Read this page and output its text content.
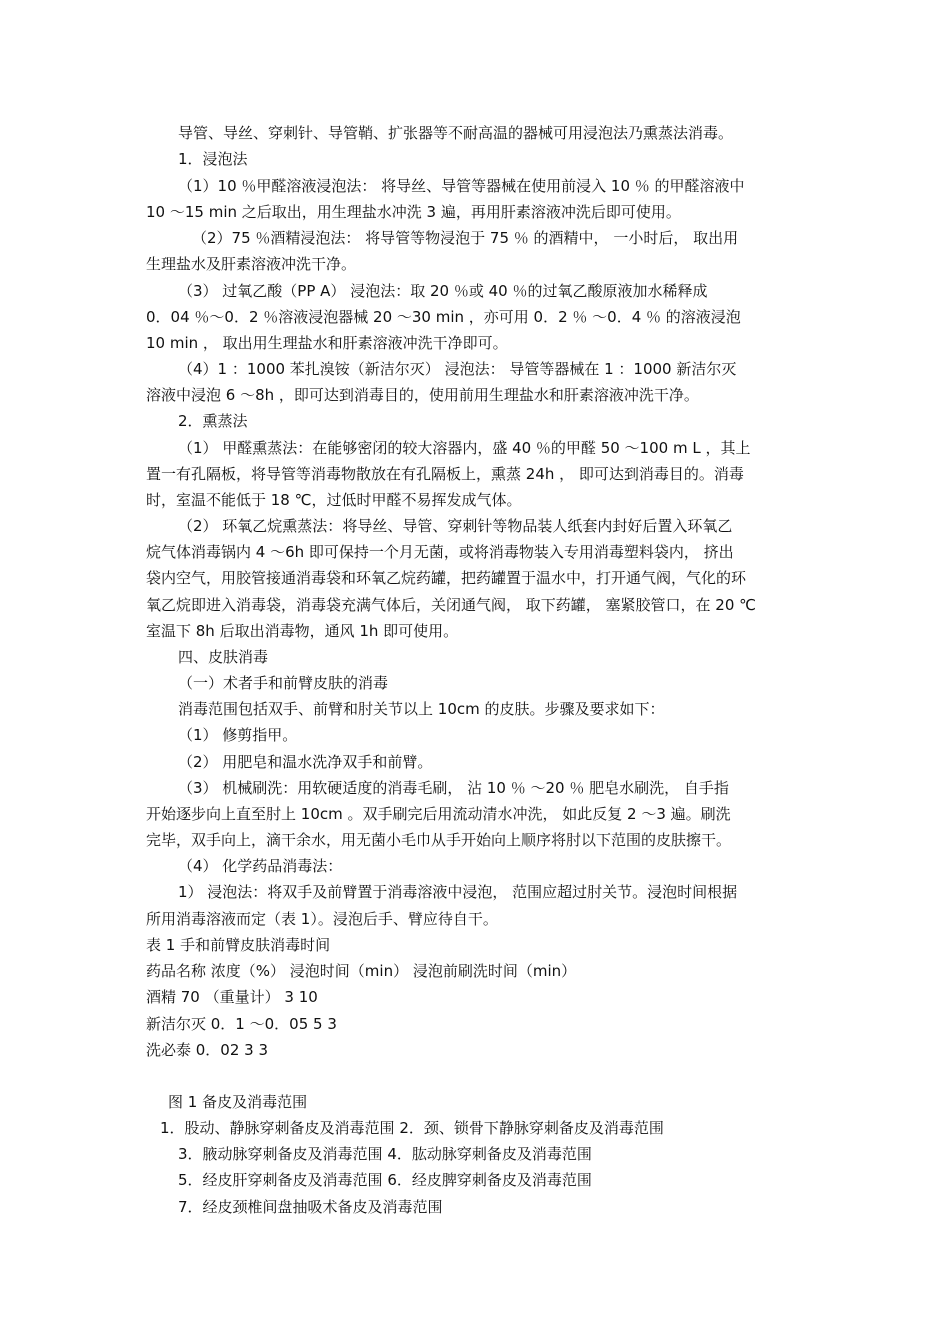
导管、导丝、穿刺针、导管鞘、扩张器等不耐高温的器械可用浸泡法乃熏蒸法消毒。
1．浸泡法
（1）10 ％甲醛溶液浸泡法： 将导丝、导管等器械在使用前浸入 10 ％ 的甲醛溶液中
10 ～15 min 之后取出，用生理盐水冲洗 3 遍，再用肝素溶液冲洗后即可使用。
（2）75 ％酒精浸泡法： 将导管等物浸泡于 75 ％ 的酒精中， 一小时后， 取出用
生理盐水及肝素溶液冲洗干净。
（3） 过氧乙酸（PP A） 浸泡法：取 20 ％或 40 ％的过氧乙酸原液加水稀释成
0．04 ％～0．2 ％溶液浸泡器械 20 ～30 min ，亦可用 0．2 ％ ～0．4 ％ 的溶液浸泡
10 min ， 取出用生理盐水和肝素溶液冲洗干净即可。
（4）1 ：1000 苯扎溴铵（新洁尔灭） 浸泡法： 导管等器械在 1 ：1000 新洁尔灭
溶液中浸泡 6 ～8h ，即可达到消毒目的，使用前用生理盐水和肝素溶液冲洗干净。
2．熏蒸法
（1） 甲醛熏蒸法：在能够密闭的较大溶器内，盛 40 ％的甲醛 50 ～100 m L ，其上
置一有孔隔板，将导管等消毒物散放在有孔隔板上，熏蒸 24h ， 即可达到消毒目的。消毒
时，室温不能低于 18 ℃，过低时甲醛不易挥发成气体。
（2） 环氧乙烷熏蒸法：将导丝、导管、穿刺针等物品装人纸套内封好后置入环氧乙
烷气体消毒锅内 4 ～6h 即可保持一个月无菌，或将消毒物装入专用消毒塑料袋内， 挤出
袋内空气，用胶管接通消毒袋和环氧乙烷药罐，把药罐置于温水中，打开通气阀，气化的环
氧乙烷即进入消毒袋，消毒袋充满气体后，关闭通气阀， 取下药罐， 塞紧胶管口，在 20 ℃
室温下 8h 后取出消毒物，通风 1h 即可使用。
四、皮肤消毒
（一）术者手和前臂皮肤的消毒
消毒范围包括双手、前臂和肘关节以上 10cm 的皮肤。步骤及要求如下：
（1） 修剪指甲。
（2） 用肥皂和温水洗净双手和前臂。
（3） 机械刷洗：用软硬适度的消毒毛刷， 沾 10 ％ ～20 ％ 肥皂水刷洗， 自手指
开始逐步向上直至肘上 10cm 。双手刷完后用流动清水冲洗， 如此反复 2 ～3 遍。刷洗
完毕，双手向上，滴干余水，用无菌小毛巾从手开始向上顺序将肘以下范围的皮肤擦干。
（4） 化学药品消毒法：
1） 浸泡法：将双手及前臂置于消毒溶液中浸泡， 范围应超过肘关节。浸泡时间根据
所用消毒溶液而定（表 1）。浸泡后手、臂应待自干。
表 1 手和前臂皮肤消毒时间
药品名称 浓度（%） 浸泡时间（min） 浸泡前刷洗时间（min）
酒精 70 （重量计） 3 10
新洁尔灭 0．1 ～0．05 5 3
洗必泰 0．02 3 3
图 1 备皮及消毒范围
1．股动、静脉穿刺备皮及消毒范围 2．颈、锁骨下静脉穿刺备皮及消毒范围
3．腋动脉穿刺备皮及消毒范围 4．肱动脉穿刺备皮及消毒范围
5．经皮肝穿刺备皮及消毒范围 6．经皮脾穿刺备皮及消毒范围
7．经皮颈椎间盘抽吸术备皮及消毒范围
